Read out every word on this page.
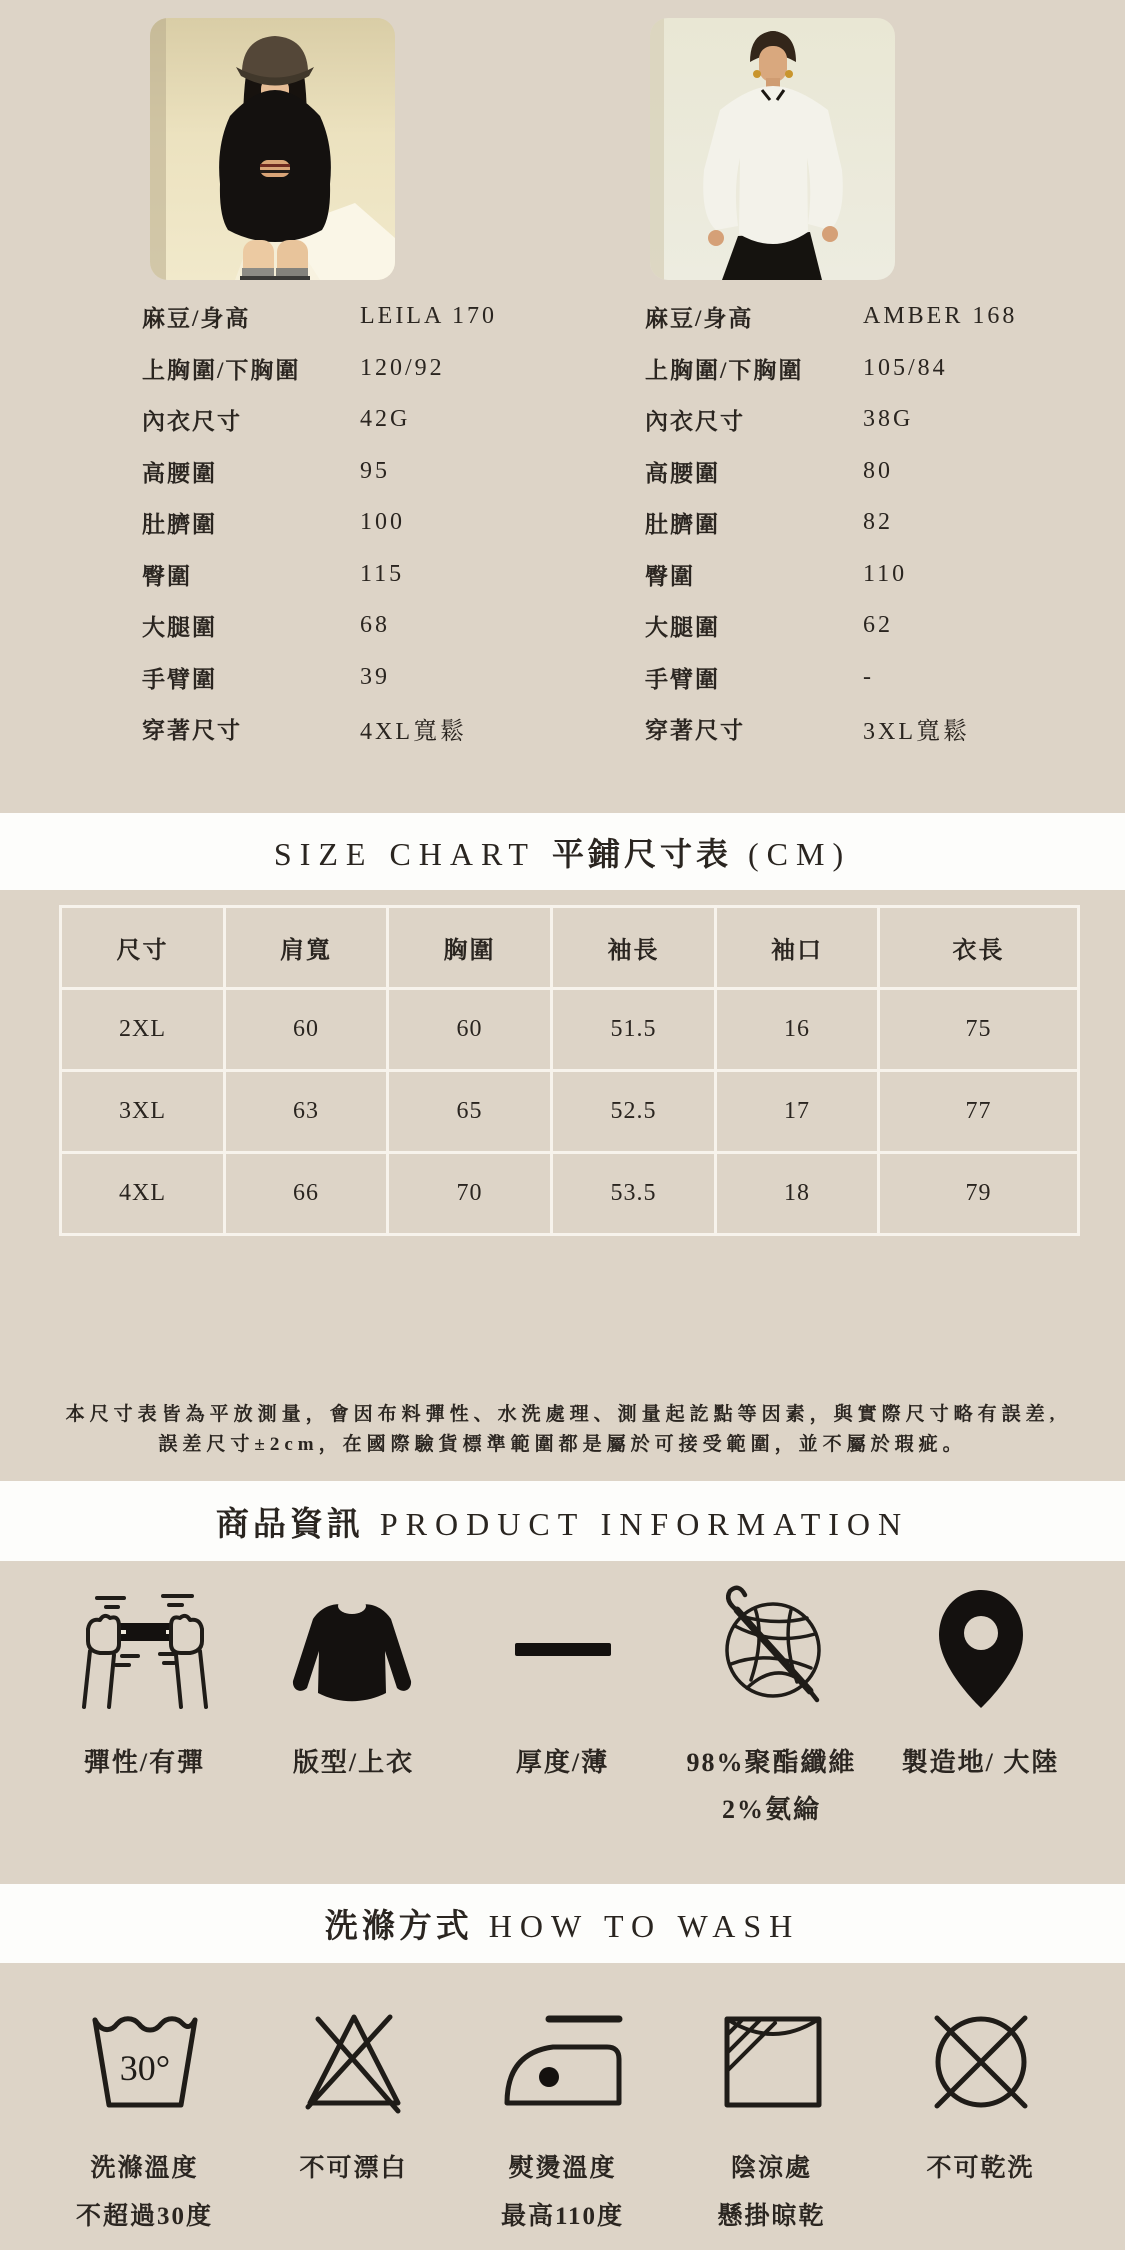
麻豆/身高	LEILA 170
上胸圍/下胸圍	120/92
內衣尺寸	42G
高腰圍	95
肚臍圍	100
臀圍	115
大腿圍	68
手臂圍	39
穿著尺寸	4XL寬鬆
麻豆/身高	AMBER 168
上胸圍/下胸圍	105/84
內衣尺寸	38G
高腰圍	80
肚臍圍	82
臀圍	110
大腿圍	62
手臂圍	-
穿著尺寸	3XL寬鬆
SIZE CHART 平鋪尺寸表 (CM)
尺寸	肩寬	胸圍	袖長	袖口	衣長
2XL	60	60	51.5	16	75
3XL	63	65	52.5	17	77
4XL	66	70	53.5	18	79
本尺寸表皆為平放測量，會因布料彈性、水洗處理、測量起訖點等因素，與實際尺寸略有誤差,
誤差尺寸±2cm，在國際驗貨標準範圍都是屬於可接受範圍，並不屬於瑕疵。
商品資訊 PRODUCT INFORMATION
彈性/有彈	版型/上衣	厚度/薄	98%聚酯纖維
2%氨綸
製造地/ 大陸
洗滌方式 HOW TO WASH
30°
洗滌溫度
不超過30度
不可漂白	熨燙溫度
最高110度
陰涼處
懸掛晾乾
不可乾洗
